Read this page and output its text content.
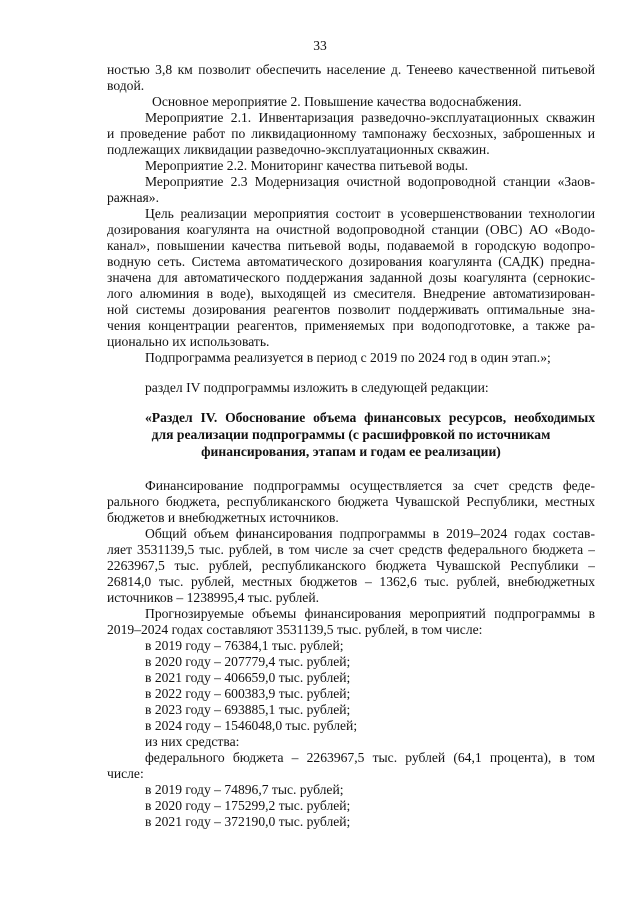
33
ностью 3,8 км позволит обеспечить население д. Тенеево качественной питьевой
водой.
Основное мероприятие 2. Повышение качества водоснабжения.
Мероприятие 2.1. Инвентаризация разведочно-эксплуатационных скважин
и проведение работ по ликвидационному тампонажу бесхозных, заброшенных и
подлежащих ликвидации разведочно-эксплуатационных скважин.
Мероприятие 2.2. Мониторинг качества питьевой воды.
Мероприятие 2.3 Модернизация очистной водопроводной станции «Заов-
ражная».
Цель реализации мероприятия состоит в усовершенствовании технологии
дозирования коагулянта на очистной водопроводной станции (ОВС) АО «Водо-
канал», повышении качества питьевой воды, подаваемой в городскую водопро-
водную сеть. Система автоматического дозирования коагулянта (САДК) предна-
значена для автоматического поддержания заданной дозы коагулянта (сернокис-
лого алюминия в воде), выходящей из смесителя. Внедрение автоматизирован-
ной системы дозирования реагентов позволит поддерживать оптимальные зна-
чения концентрации реагентов, применяемых при водоподготовке, а также ра-
ционально их использовать.
Подпрограмма реализуется в период с 2019 по 2024 год в один этап.»;
раздел IV подпрограммы изложить в следующей редакции:
«Раздел IV. Обоснование объема финансовых ресурсов, необходимых
для реализации подпрограммы (с расшифровкой по источникам
финансирования, этапам и годам ее реализации)
Финансирование подпрограммы осуществляется за счет средств феде-
рального бюджета, республиканского бюджета Чувашской Республики, местных
бюджетов и внебюджетных источников.
Общий объем финансирования подпрограммы в 2019–2024 годах состав-
ляет 3531139,5 тыс. рублей, в том числе за счет средств федерального бюджета –
2263967,5 тыс. рублей, республиканского бюджета Чувашской Республики –
26814,0 тыс. рублей, местных бюджетов – 1362,6 тыс. рублей, внебюджетных
источников – 1238995,4 тыс. рублей.
Прогнозируемые объемы финансирования мероприятий подпрограммы в
2019–2024 годах составляют 3531139,5 тыс. рублей, в том числе:
в 2019 году – 76384,1 тыс. рублей;
в 2020 году – 207779,4 тыс. рублей;
в 2021 году – 406659,0 тыс. рублей;
в 2022 году – 600383,9 тыс. рублей;
в 2023 году – 693885,1 тыс. рублей;
в 2024 году – 1546048,0 тыс. рублей;
из них средства:
федерального бюджета – 2263967,5 тыс. рублей (64,1 процента), в том
числе:
в 2019 году – 74896,7 тыс. рублей;
в 2020 году – 175299,2 тыс. рублей;
в 2021 году – 372190,0 тыс. рублей;
